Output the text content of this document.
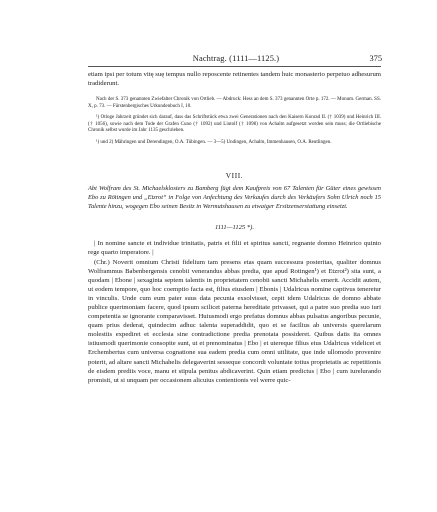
Nachtrag. (1111—1125.)	375
etiam ipsi per totum vitę suę tempus nullo reposcente retinentes tandem huic monasterio perpetuo adhesurum tradiderunt.
Nach der S. 373 genannten Zwiefalter Chronik von Ortlieb. — Abdruck: Hess an dem S. 373 genannten Orte p. 172. — Monum. German. SS. X, p. 73. — Fürstenbergisches Urkundenbuch I, 10.
¹) Otloge Jahrzeit gründet sich darauf, dass das Schriftstück etwa zwei Generationen nach den Kaisern Konrad II. († 1039) und Heinrich III. († 1056), sowie nach dem Tode der Grafen Cuno († 1092) und Liutolf († 1098) von Achalm aufgesetzt worden sein muss; die Ortliebische Chronik selbst wurde im Jahr 1135 geschrieben.
¹) und 2) Mähringen und Derendingen, O.A. Tübingen. — 3—5) Undingen, Achalm, Immenhausen, O.A. Reutlingen.
VIII.
Abt Wolfram des St. Michaelsklosters zu Bamberg fügt dem Kaufpreis von 67 Talenten für Güter eines gewissen Ebo zu Rötingen und „Etzrot“ in Folge von Anfechtung des Verkaufes durch des Verkäufers Sohn Ulrich noch 15 Talente hinzu, wogegen Ebo seinen Besitz in Wermutshausen zu etwaiger Ersitzenserstattung einsetzt.
1111—1125 *).
| In nomine sancte et individue trinitatis, patris et filii et spiritus sancti, regnante domno Heinrico quinto rege quarto imperatore. |
(Chr.) Noverit omnium Christi fidelium tam presens etas quam successura posteritas, qualiter domnus Wolframmus Babenbergensis cenobii venerandus abbas predia, que apud Rotingen¹) et Etzrot²) sita sunt, a quodam | Ebone | sexaginta septem talentis in proprietatem cenobii sancti Michahelis emerit. Accidit autem, ut eodem tempore, quo hoc coemptio facta est, filius eiusdem | Ebonis | Udalricus nomine captivus teneretur in vinculis. Unde cum eum pater suus data pecunia exsolvisset, cepit idem Udalricus de domno abbate publice querimoniam facere, quod ipsum scilicet paterna hereditate privasset, qui a patre suo predia suo iuri competentia se ignorante comparavisset. Huiusmodi ergo prefatus domnus abbas pulsatus angoribus pecunie, quam prius dederat, quindecim adhuc talenta superaddidit, quo et se facilius ab universis querelarum molestiis expediret et ecclesia sine contradictione predia prenotata possideret. Quibus datis ita omnes istiusmodi querimonie consopite sunt, ut et prenominatus | Ebo | et utereque filius eius Udalricus videlicet et Erchembertus cum universa cognatione sua eadem predia cum omni utilitate, que inde ullomodo provenire poterit, ad altare sancti Michahelis delegaverint sesseque concordi voluntate totius proprietatis ac repetitionis de eisdem prediis voce, manu et stipula penitus abdicaverint. Quin etiam predictus | Ebo | cum iurelurando promisit, ut si unquam per occasionem alicuius contentionis vel werre quic-
